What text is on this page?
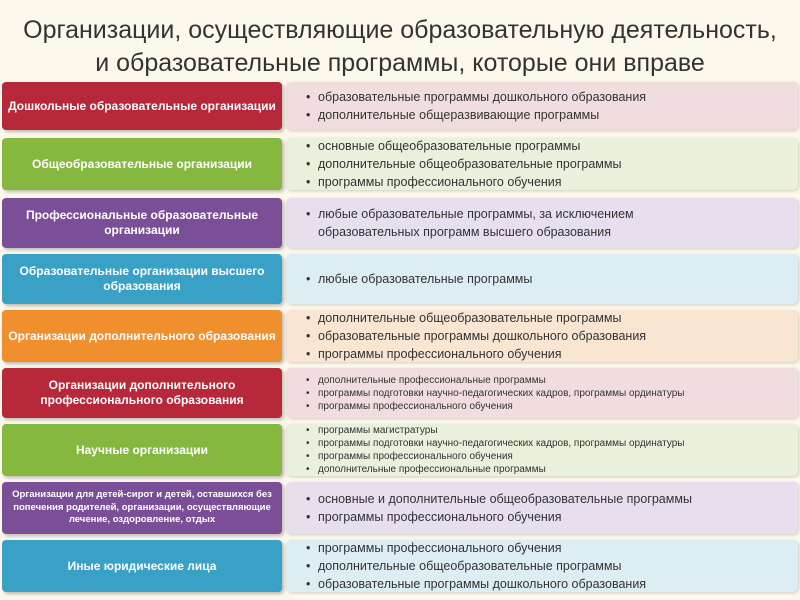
Организации, осуществляющие образовательную деятельность,
и образовательные программы, которые они вправе
Дошкольные образовательные организации
• образовательные программы дошкольного образования
• дополнительные общеразвивающие программы
Общеобразовательные организации
• основные общеобразовательные программы
• дополнительные общеобразовательные программы
• программы профессионального обучения
Профессиональные образовательные организации
• любые образовательные программы, за исключением образовательных программ высшего образования
Образовательные организации высшего образования
•	любые образовательные программы
Организации дополнительного образования
• дополнительные общеобразовательные программы
• образовательные программы дошкольного образования
• программы профессионального обучения
Организации дополнительного профессионального образования
• дополнительные профессиональные программы
• программы подготовки научно-педагогических кадров, программы ординатуры
• программы профессионального обучения
Научные организации
• программы магистратуры
• программы подготовки научно-педагогических кадров, программы ординатуры
• программы профессионального обучения
• дополнительные профессиональные программы
Организации для детей-сирот и детей, оставшихся без попечения родителей, организации, осуществляющие лечение, оздоровление, отдых
• основные и дополнительные общеобразовательные программы
• программы профессионального обучения
Иные юридические лица
• программы профессионального обучения
• дополнительные общеобразовательные программы
• образовательные программы дошкольного образования
